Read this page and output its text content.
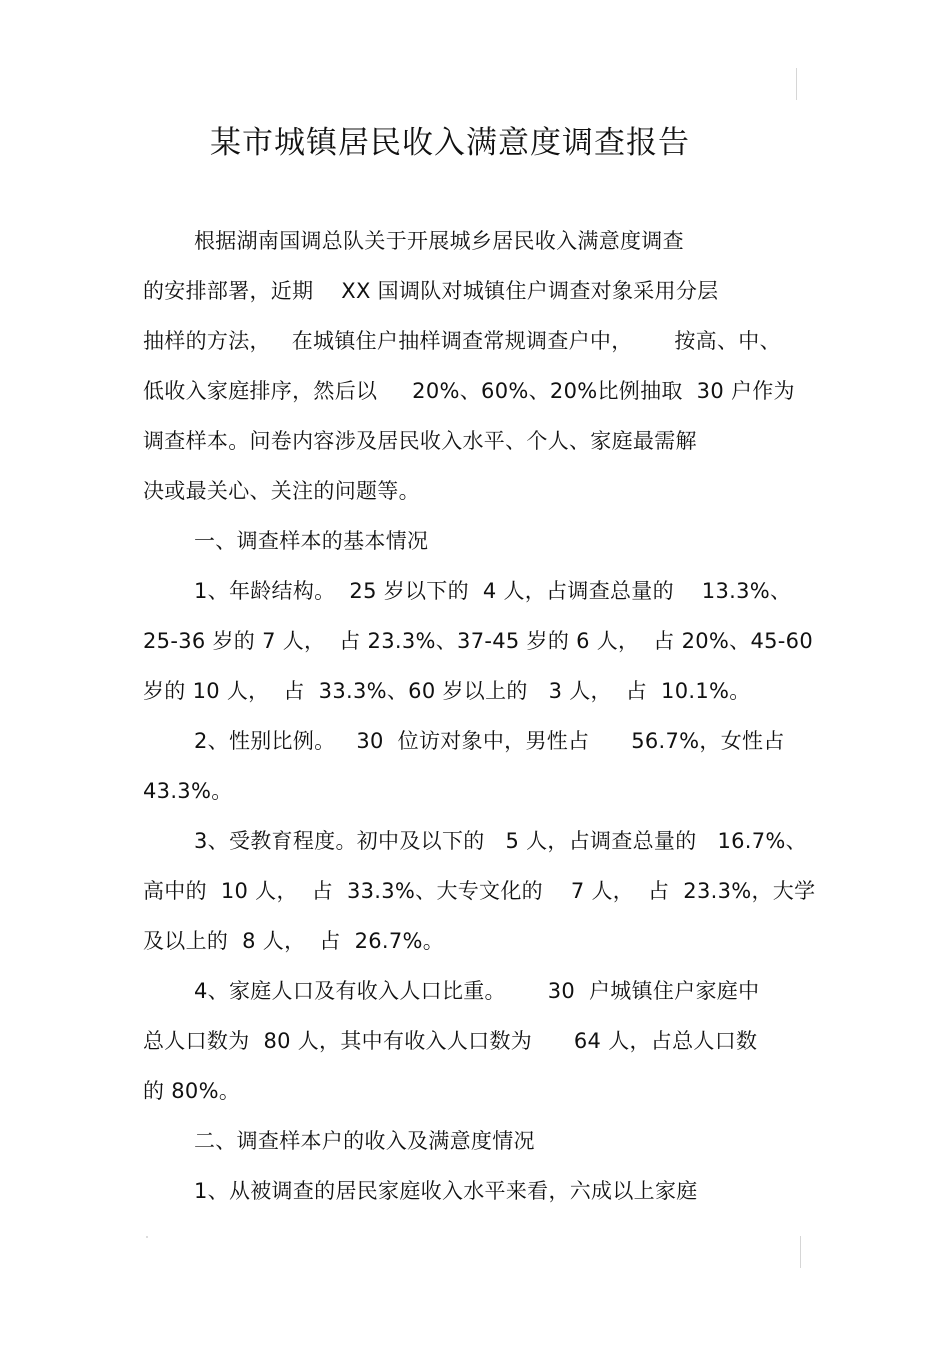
某市城镇居民收入满意度调查报告
根据湖南国调总队关于开展城乡居民收入满意度调查
的安排部署，近期    XX 国调队对城镇住户调查对象采用分层
抽样的方法，   在城镇住户抽样调查常规调查户中，      按高、中、
低收入家庭排序，然后以     20%、60%、20%比例抽取  30 户作为
调查样本。问卷内容涉及居民收入水平、个人、家庭最需解
决或最关心、关注的问题等。
一、调查样本的基本情况
1、年龄结构。  25 岁以下的  4 人，占调查总量的    13.3%、
25-36 岁的 7 人，  占 23.3%、37-45 岁的 6 人，  占 20%、45-60
岁的 10 人，  占  33.3%、60 岁以上的   3 人，  占  10.1%。
2、性别比例。   30  位访对象中，男性占      56.7%，女性占
43.3%。
3、受教育程度。初中及以下的   5 人，占调查总量的   16.7%、
高中的  10 人，  占  33.3%、大专文化的    7 人，  占  23.3%，大学
及以上的  8 人，  占  26.7%。
4、家庭人口及有收入人口比重。      30  户城镇住户家庭中
总人口数为  80 人，其中有收入人口数为      64 人，占总人口数
的 80%。
二、调查样本户的收入及满意度情况
1、从被调查的居民家庭收入水平来看，六成以上家庭
